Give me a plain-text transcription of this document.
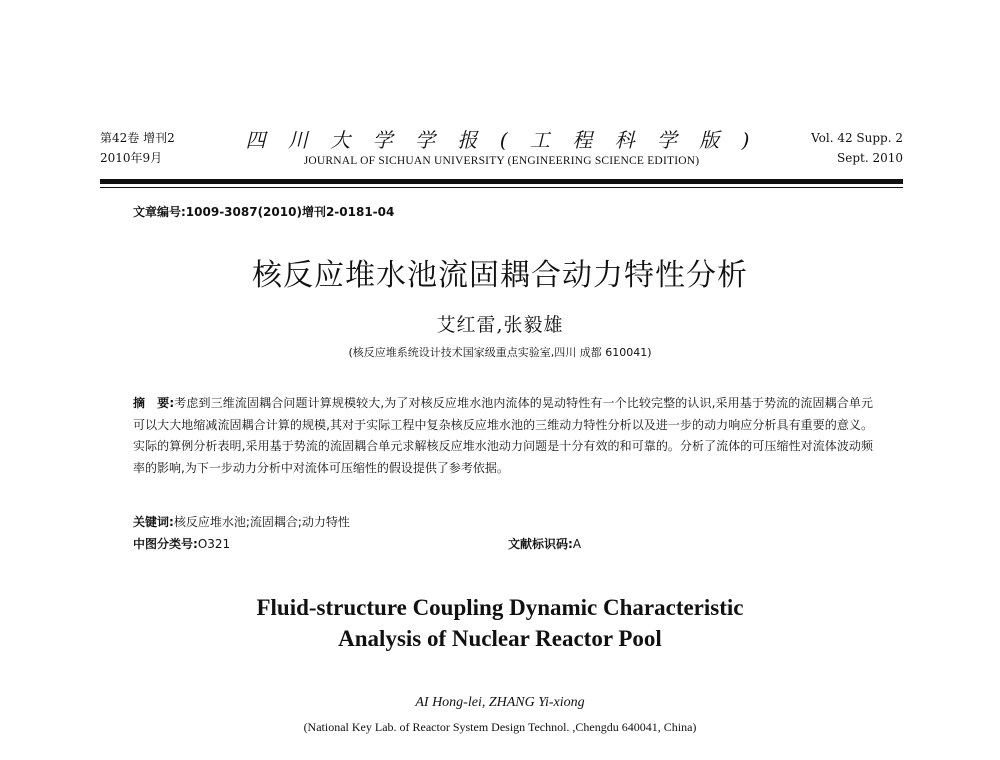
第42卷 增刊2
2010年9月
四 川 大 学 学 报 ( 工 程 科 学 版 )
JOURNAL OF SICHUAN UNIVERSITY (ENGINEERING SCIENCE EDITION)
Vol. 42 Supp. 2
Sept. 2010
文章编号:1009-3087(2010)增刊2-0181-04
核反应堆水池流固耦合动力特性分析
艾红雷,张毅雄
(核反应堆系统设计技术国家级重点实验室,四川 成都 610041)
摘　要:考虑到三维流固耦合问题计算规模较大,为了对核反应堆水池内流体的晃动特性有一个比较完整的认识,采用基于势流的流固耦合单元可以大大地缩减流固耦合计算的规模,其对于实际工程中复杂核反应堆水池的三维动力特性分析以及进一步的动力响应分析具有重要的意义。实际的算例分析表明,采用基于势流的流固耦合单元求解核反应堆水池动力问题是十分有效的和可靠的。分析了流体的可压缩性对流体波动频率的影响,为下一步动力分析中对流体可压缩性的假设提供了参考依据。
关键词:核反应堆水池;流固耦合;动力特性
中图分类号:O321	文献标识码:A
Fluid-structure Coupling Dynamic Characteristic
Analysis of Nuclear Reactor Pool
AI Hong-lei, ZHANG Yi-xiong
(National Key Lab. of Reactor System Design Technol. ,Chengdu 640041, China)
